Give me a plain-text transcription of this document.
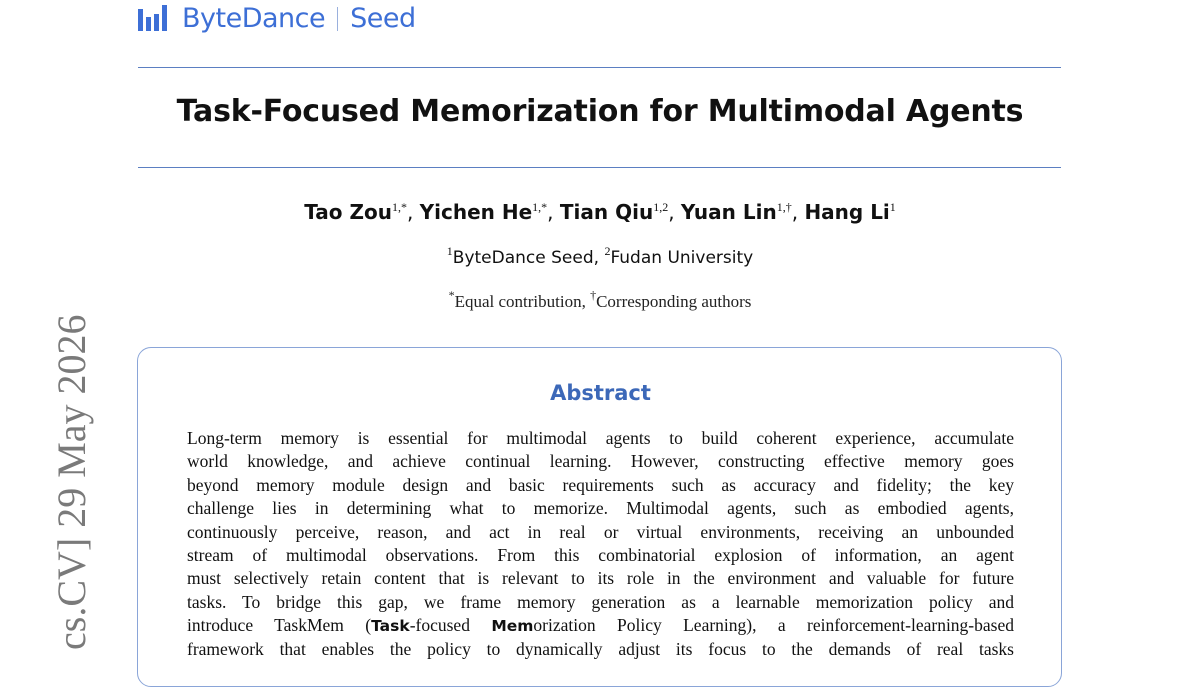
ByteDance Seed
Task-Focused Memorization for Multimodal Agents
Tao Zou$^{1,*}$, Yichen $He^{1,*}$, Tian Qiu$^{1,2}$, Yuan Lin$^{1,\dagger}$, Hang Li$^1$
$^1$ByteDance Seed, $^2$Fudan University
*Equal contribution, †Corresponding authors
cs.CV] 29 May 2026	Abstract
Long-term memory is essential for multimodal agents to build coherent experience, accumulate
world knowledge, and achieve continual learning. However, constructing effective memory goes
beyond memory module design and basic requirements such as accuracy and fidelity; the key
challenge lies in determining what to memorize. Multimodal agents, such as embodied agents,
continuously perceive, reason, and act in real or virtual environments, receiving an unbounded
stream of multimodal observations. From this combinatorial explosion of information, an agent
must selectively retain content that is relevant to its role in the environment and valuable for future
tasks. To bridge this gap, we frame memory generation as a learnable memorization policy and
introduce TaskMem (Task-focused Memorization Policy Learning), a reinforcement-learning-based
framework that enables the policy to dynamically adjust its focus to the demands of real tasks
